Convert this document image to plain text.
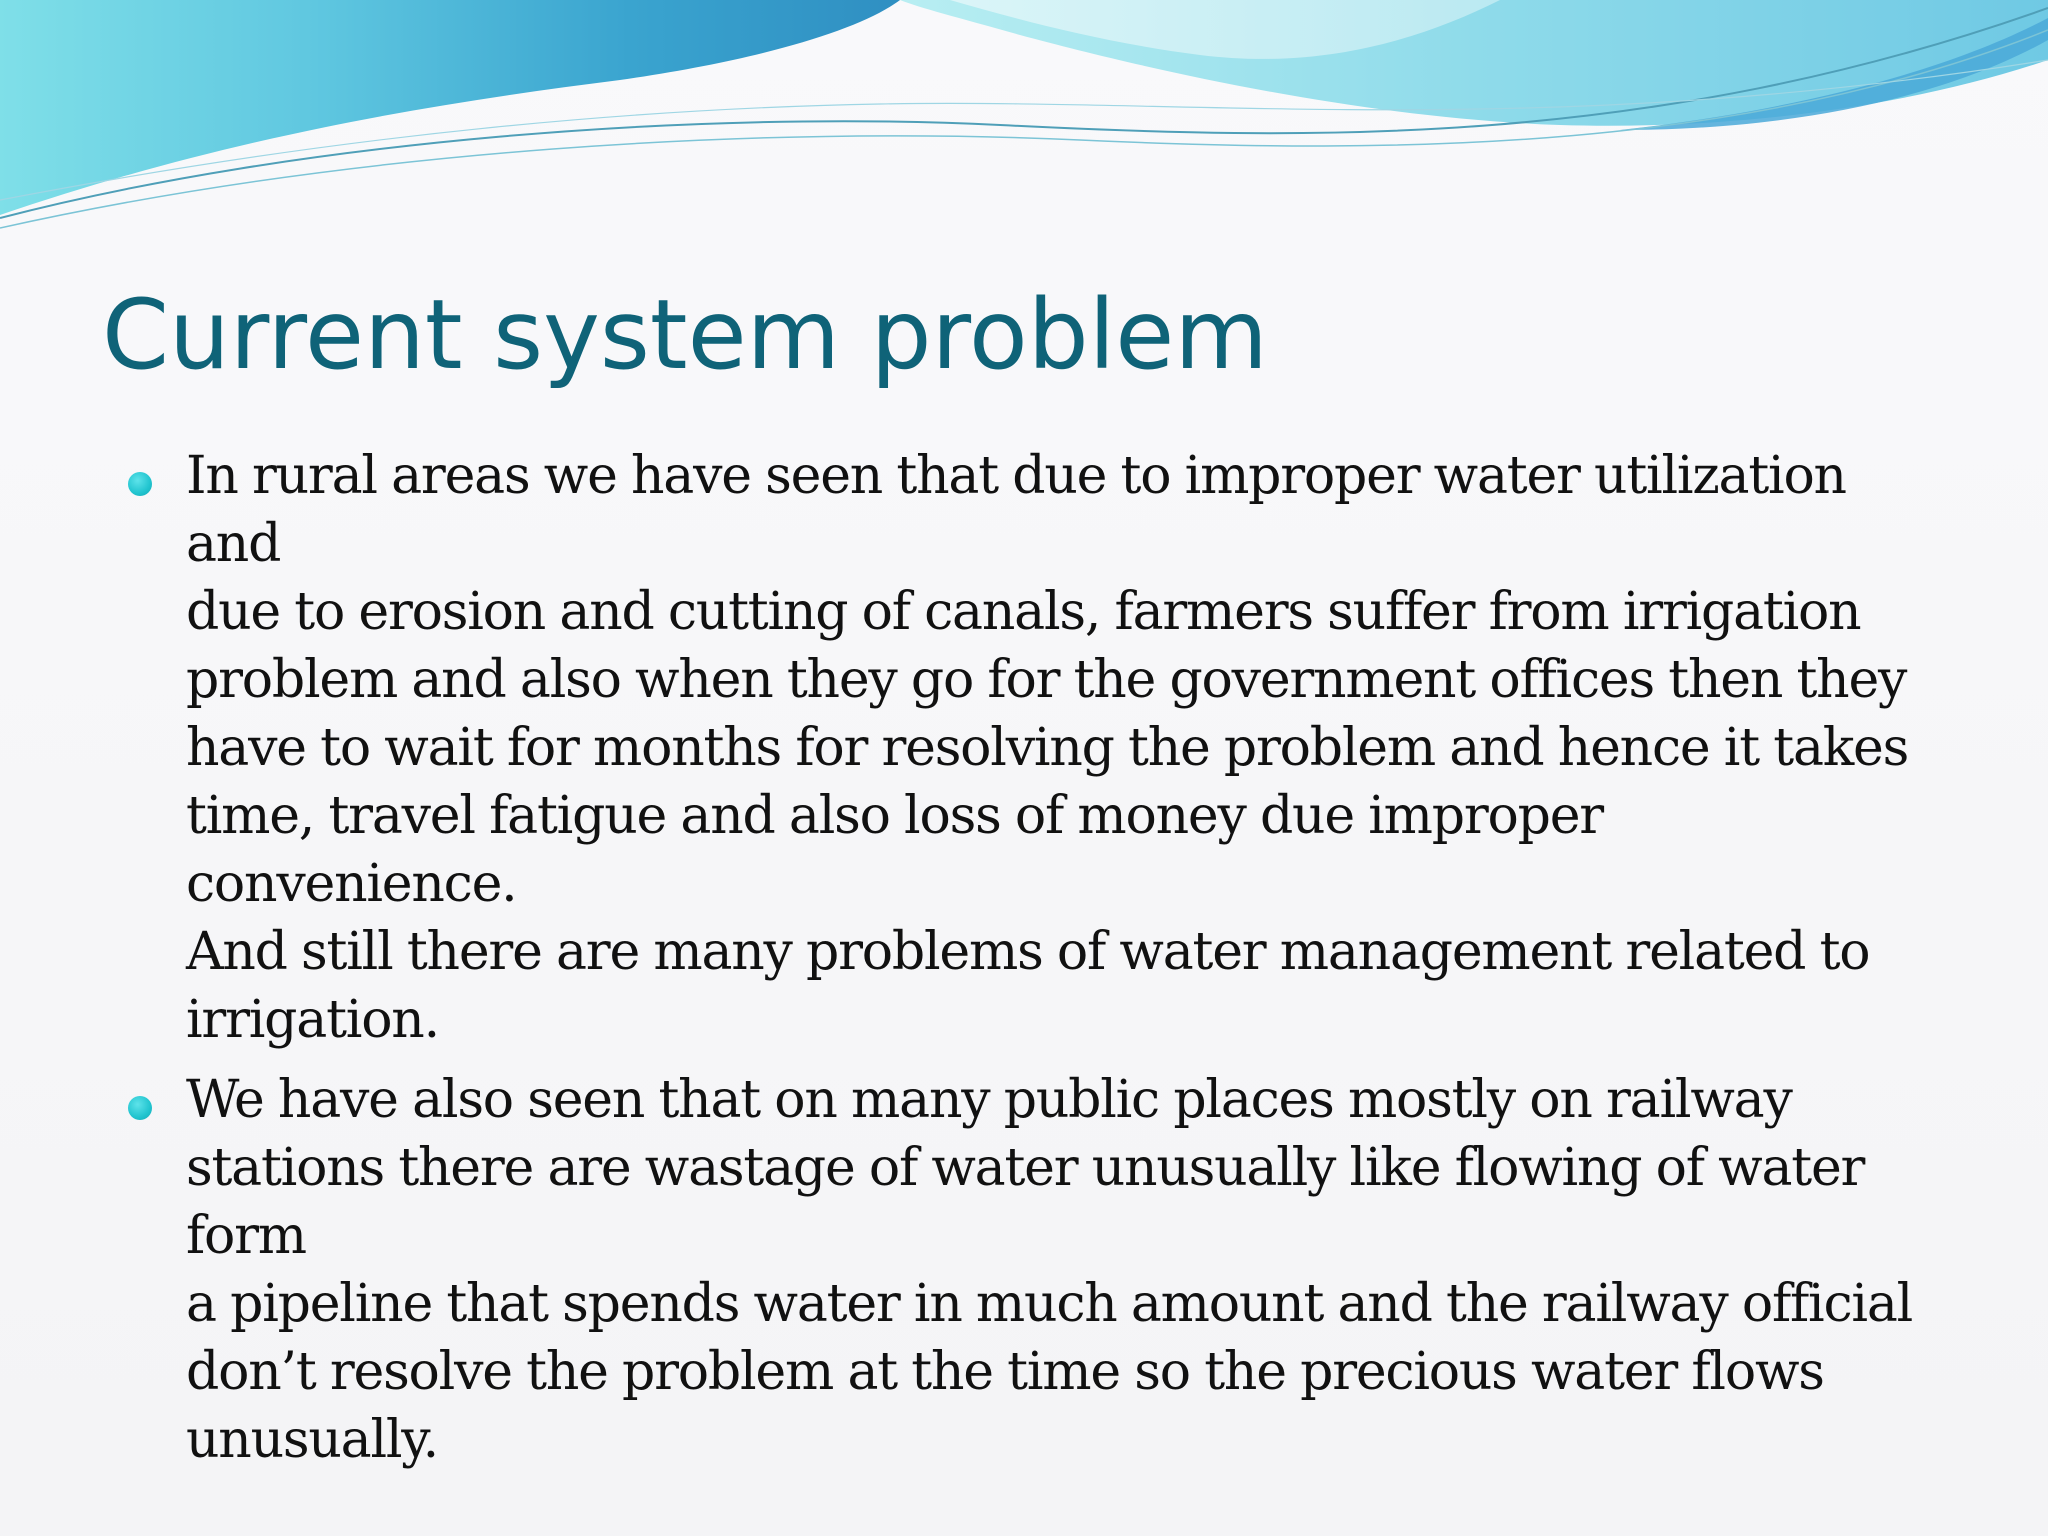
Current system problem
In rural areas we have seen that due to improper water utilization and
due to erosion and cutting of canals, farmers suffer from irrigation
problem and also when they go for the government offices then they
have to wait for months for resolving the problem and hence it takes
time, travel fatigue and also loss of money due improper convenience.
And still there are many problems of water management related to
irrigation.
We have also seen that on many public places mostly on railway
stations there are wastage of water unusually like flowing of water form
a pipeline that spends water in much amount and the railway official
don’t resolve the problem at the time so the precious water flows
unusually.
